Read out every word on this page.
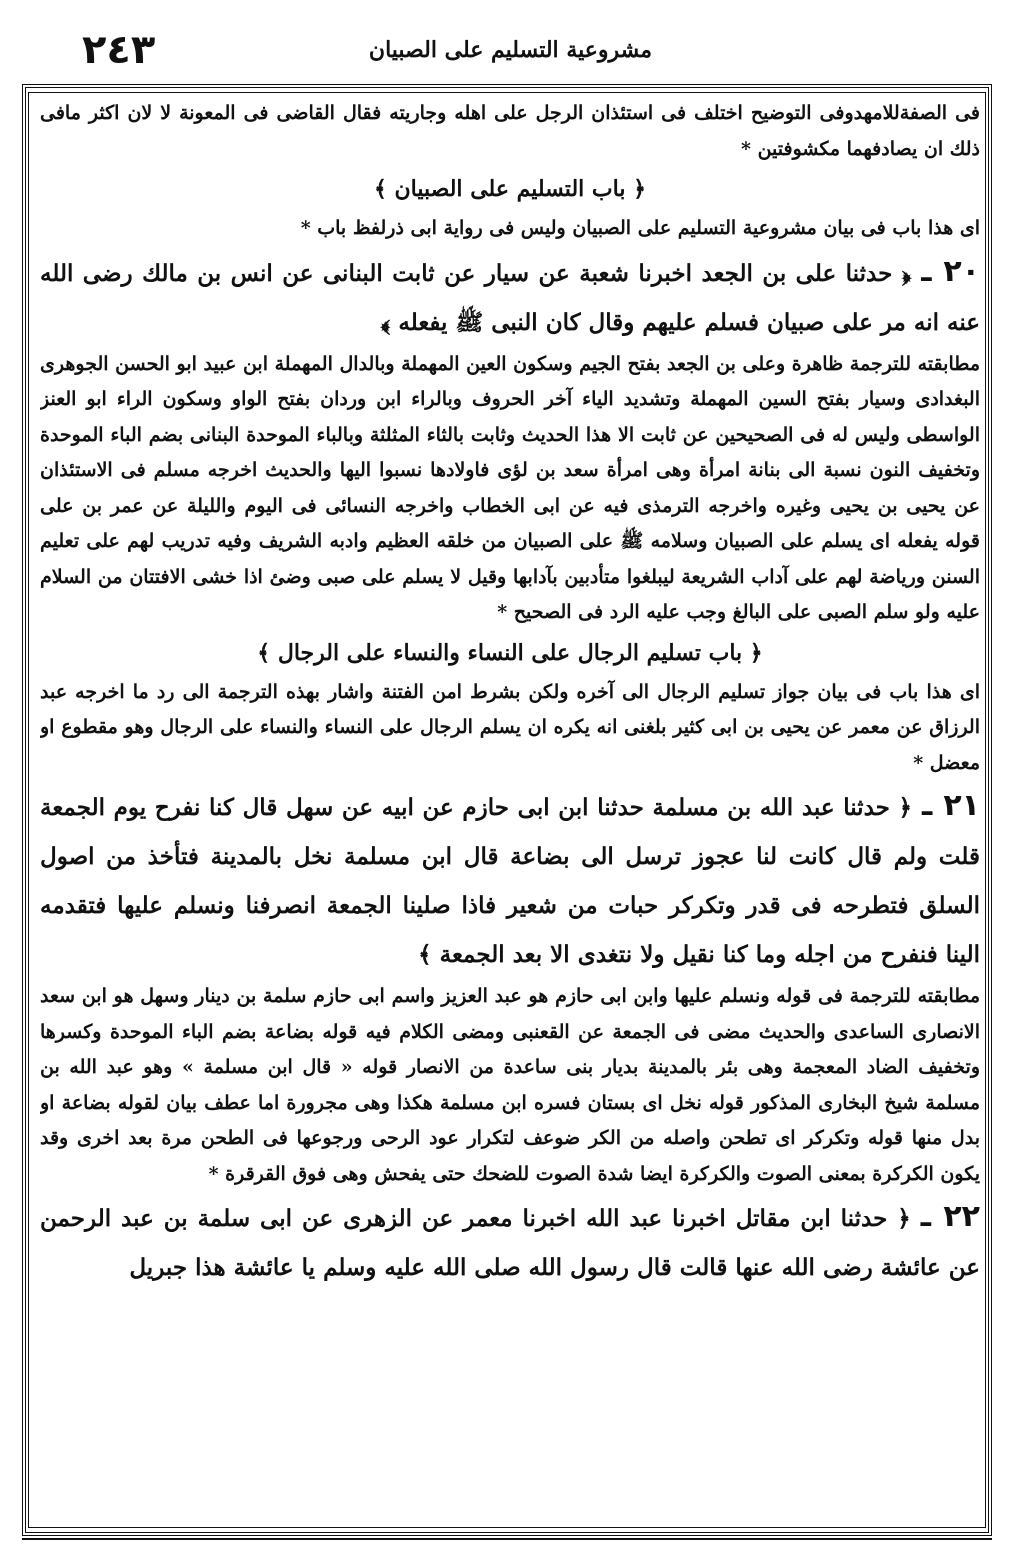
٢٤٣	مشروعية التسليم على الصبيان

فى الصفةللامهدوفى التوضيح اختلف فى استئذان الرجل على اهله وجاريته فقال القاضى فى المعونة لا لان اكثر مافى ذلك ان يصادفهما مكشوفتين *

﴿ باب التسليم على الصبيان ﴾

اى هذا باب فى بيان مشروعية التسليم على الصبيان وليس فى رواية ابى ذرلفظ باب *

٢٠ ـ﴿ حدثنا على بن الجعد اخبرنا شعبة عن سيار عن ثابت البنانى عن انس بن مالك رضى الله عنه انه مر على صبيان فسلم عليهم وقال كان النبى ﷺ يفعله ﴾

مطابقته للترجمة ظاهرة وعلى بن الجعد بفتح الجيم وسكون العين المهملة وبالدال المهملة ابن عبيد ابو الحسن الجوهرى البغدادى وسيار بفتح السين المهملة وتشديد الياء آخر الحروف وبالراء ابن وردان بفتح الواو وسكون الراء ابو العنز الواسطى وليس له فى الصحيحين عن ثابت الا هذا الحديث وثابت بالثاء المثلثة وبالباء الموحدة البنانى بضم الباء الموحدة وتخفيف النون نسبة الى بنانة امرأة وهى امرأة سعد بن لؤى فاولادها نسبوا اليها والحديث اخرجه مسلم فى الاستئذان عن يحيى بن يحيى وغيره واخرجه الترمذى فيه عن ابى الخطاب واخرجه النسائى فى اليوم والليلة عن عمر بن على قوله يفعله اى يسلم على الصبيان وسلامه ﷺ على الصبيان من خلقه العظيم وادبه الشريف وفيه تدريب لهم على تعليم السنن ورياضة لهم على آداب الشريعة ليبلغوا متأدبين بآدابها وقيل لا يسلم على صبى وضئ اذا خشى الافتتان من السلام عليه ولو سلم الصبى على البالغ وجب عليه الرد فى الصحيح *

﴿ باب تسليم الرجال على النساء والنساء على الرجال ﴾

اى هذا باب فى بيان جواز تسليم الرجال الى آخره ولكن بشرط امن الفتنة واشار بهذه الترجمة الى رد ما اخرجه عبد الرزاق عن معمر عن يحيى بن ابى كثير بلغنى انه يكره ان يسلم الرجال على النساء والنساء على الرجال وهو مقطوع او معضل *

٢١ ـ﴿ حدثنا عبد الله بن مسلمة حدثنا ابن ابى حازم عن ابيه عن سهل قال كنا نفرح يوم الجمعة قلت ولم قال كانت لنا عجوز ترسل الى بضاعة قال ابن مسلمة نخل بالمدينة فتأخذ من اصول السلق فتطرحه فى قدر وتكركر حبات من شعير فاذا صلينا الجمعة انصرفنا ونسلم عليها فتقدمه الينا فنفرح من اجله وما كنا نقيل ولا نتغدى الا بعد الجمعة ﴾

مطابقته للترجمة فى قوله ونسلم عليها وابن ابى حازم هو عبد العزيز واسم ابى حازم سلمة بن دينار وسهل هو ابن سعد الانصارى الساعدى والحديث مضى فى الجمعة عن القعنبى ومضى الكلام فيه قوله بضاعة بضم الباء الموحدة وكسرها وتخفيف الضاد المعجمة وهى بئر بالمدينة بديار بنى ساعدة من الانصار قوله « قال ابن مسلمة » وهو عبد الله بن مسلمة شيخ البخارى المذكور قوله نخل اى بستان فسره ابن مسلمة هكذا وهى مجرورة اما عطف بيان لقوله بضاعة او بدل منها قوله وتكركر اى تطحن واصله من الكر ضوعف لتكرار عود الرحى ورجوعها فى الطحن مرة بعد اخرى وقد يكون الكركرة بمعنى الصوت والكركرة ايضا شدة الصوت للضحك حتى يفحش وهى فوق القرقرة *

٢٢ ـ﴿ حدثنا ابن مقاتل اخبرنا عبد الله اخبرنا معمر عن الزهرى عن ابى سلمة بن عبد الرحمن عن عائشة رضى الله عنها قالت قال رسول الله صلى الله عليه وسلم يا عائشة هذا جبريل
